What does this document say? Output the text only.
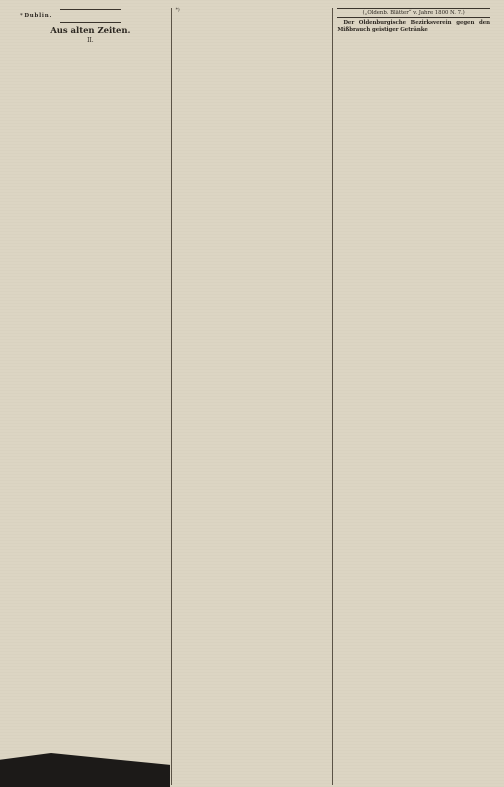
* Dublin.

Aus alten Zeiten.
II.

*)	(„Oldenb. Blätter“ v. Jahre 1800 N. 7.)

Der Oldenburgische Bezirksverein gegen den Mißbrauch geistiger Getränke
